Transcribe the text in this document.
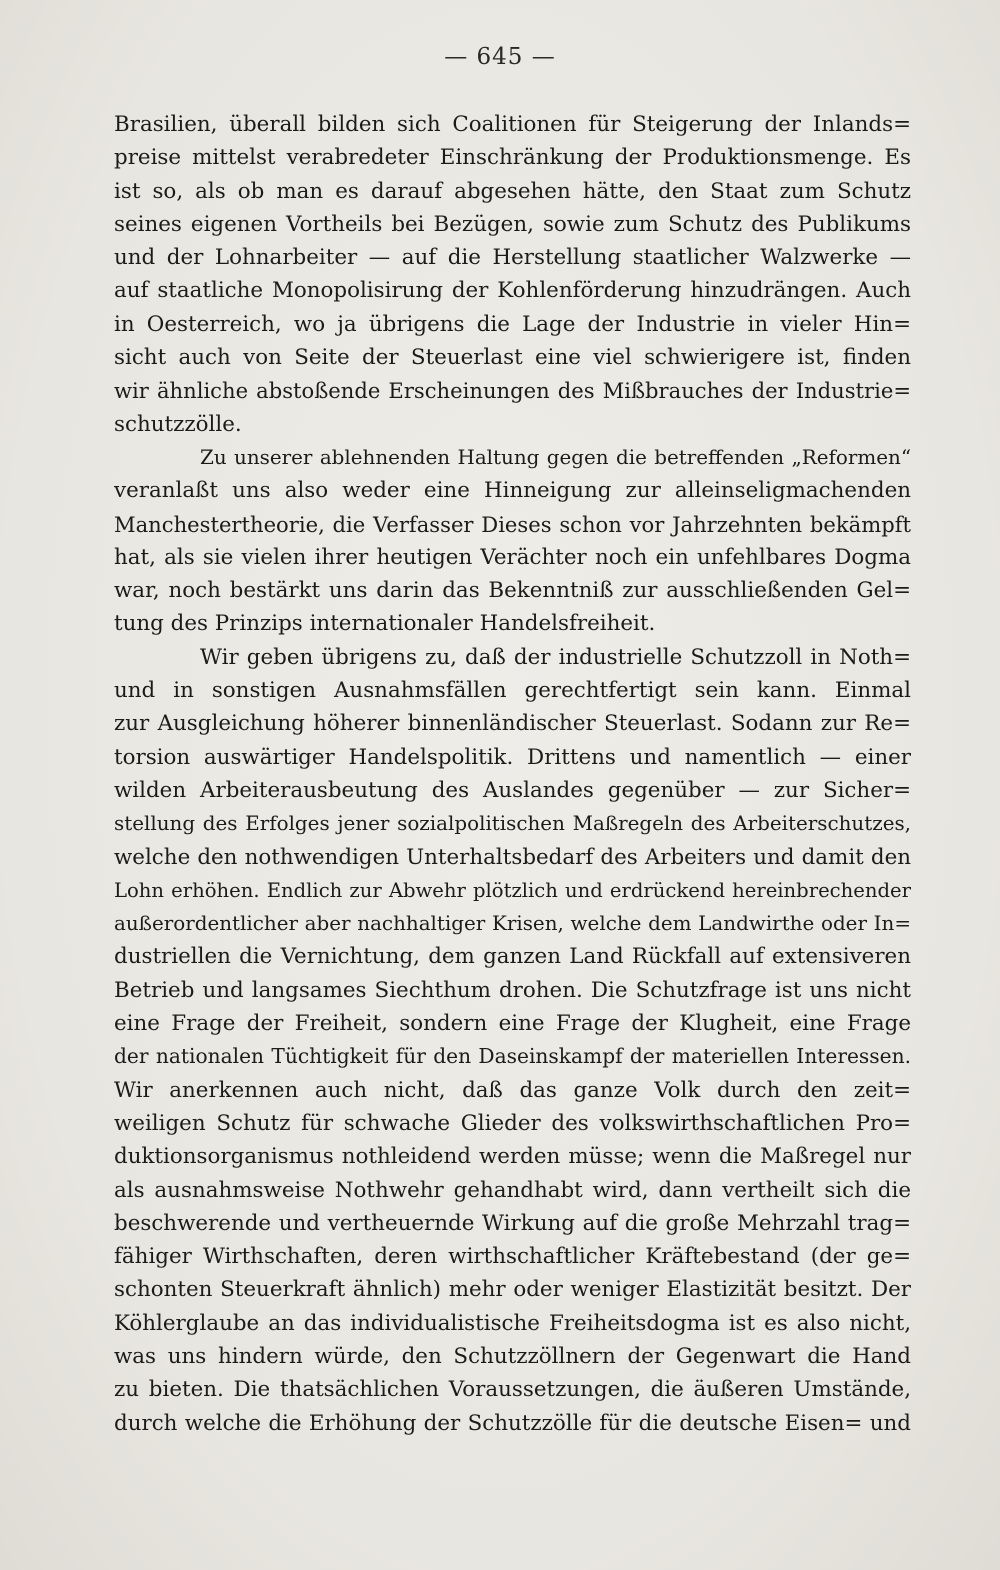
— 645 —
Brasilien, überall bilden sich Coalitionen für Steigerung der Inlands=
preise mittelst verabredeter Einschränkung der Produktionsmenge. Es
ist so, als ob man es darauf abgesehen hätte, den Staat zum Schutz
seines eigenen Vortheils bei Bezügen, sowie zum Schutz des Publikums
und der Lohnarbeiter — auf die Herstellung staatlicher Walzwerke —
auf staatliche Monopolisirung der Kohlenförderung hinzudrängen. Auch
in Oesterreich, wo ja übrigens die Lage der Industrie in vieler Hin=
sicht auch von Seite der Steuerlast eine viel schwierigere ist, finden
wir ähnliche abstoßende Erscheinungen des Mißbrauches der Industrie=
schutzzölle.
Zu unserer ablehnenden Haltung gegen die betreffenden „Reformen“
veranlaßt uns also weder eine Hinneigung zur alleinseligmachenden
Manchestertheorie, die Verfasser Dieses schon vor Jahrzehnten bekämpft
hat, als sie vielen ihrer heutigen Verächter noch ein unfehlbares Dogma
war, noch bestärkt uns darin das Bekenntniß zur ausschließenden Gel=
tung des Prinzips internationaler Handelsfreiheit.
Wir geben übrigens zu, daß der industrielle Schutzzoll in Noth=
und in sonstigen Ausnahmsfällen gerechtfertigt sein kann. Einmal
zur Ausgleichung höherer binnenländischer Steuerlast. Sodann zur Re=
torsion auswärtiger Handelspolitik. Drittens und namentlich — einer
wilden Arbeiterausbeutung des Auslandes gegenüber — zur Sicher=
stellung des Erfolges jener sozialpolitischen Maßregeln des Arbeiterschutzes,
welche den nothwendigen Unterhaltsbedarf des Arbeiters und damit den
Lohn erhöhen. Endlich zur Abwehr plötzlich und erdrückend hereinbrechender
außerordentlicher aber nachhaltiger Krisen, welche dem Landwirthe oder In=
dustriellen die Vernichtung, dem ganzen Land Rückfall auf extensiveren
Betrieb und langsames Siechthum drohen. Die Schutzfrage ist uns nicht
eine Frage der Freiheit, sondern eine Frage der Klugheit, eine Frage
der nationalen Tüchtigkeit für den Daseinskampf der materiellen Interessen.
Wir anerkennen auch nicht, daß das ganze Volk durch den zeit=
weiligen Schutz für schwache Glieder des volkswirthschaftlichen Pro=
duktionsorganismus nothleidend werden müsse; wenn die Maßregel nur
als ausnahmsweise Nothwehr gehandhabt wird, dann vertheilt sich die
beschwerende und vertheuernde Wirkung auf die große Mehrzahl trag=
fähiger Wirthschaften, deren wirthschaftlicher Kräftebestand (der ge=
schonten Steuerkraft ähnlich) mehr oder weniger Elastizität besitzt. Der
Köhlerglaube an das individualistische Freiheitsdogma ist es also nicht,
was uns hindern würde, den Schutzzöllnern der Gegenwart die Hand
zu bieten. Die thatsächlichen Voraussetzungen, die äußeren Umstände,
durch welche die Erhöhung der Schutzzölle für die deutsche Eisen= und
